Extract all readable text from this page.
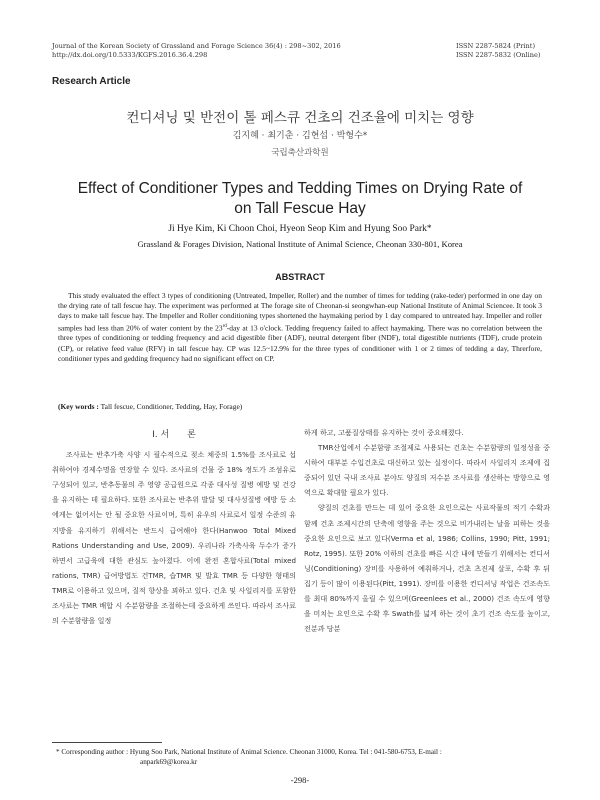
Journal of the Korean Society of Grassland and Forage Science 36(4) : 298~302, 2016
http://dx.doi.org/10.5333/KGFS.2016.36.4.298
ISSN 2287-5824 (Print)
ISSN 2287-5832 (Online)
Research Article
컨디셔닝 및 반전이 톨 페스큐 건초의 건조율에 미치는 영향
김지혜 · 최기춘 · 김현섭 · 박형수*
국립축산과학원
Effect of Conditioner Types and Tedding Times on Drying Rate of
on Tall Fescue Hay
Ji Hye Kim, Ki Choon Choi, Hyeon Seop Kim and Hyung Soo Park*
Grassland & Forages Division, National Institute of Animal Science, Cheonan 330-801, Korea
ABSTRACT

This study evaluated the effect 3 types of conditioning (Untreated, Impeller, Roller) and the number of times for tedding (rake-teder) performed in one day on the drying rate of tall fescue hay. The experiment was performed at The forage site of Cheonan-si seongwhan-eup National Institute of Animal Sciencee. It took 3 days to make tall fescue hay. The Impeller and Roller conditioning types shortened the haymaking period by 1 day compared to untreated hay. Impeller and roller samples had less than 20% of water content by the 23rd-day at 13 o'clock. Tedding frequency failed to affect haymaking. There was no correlation between the three types of conditioning or tedding frequency and acid digestible fiber (ADF), neutral detergent fiber (NDF), total digestible nutrients (TDF), crude protein (CP), or relative feed value (RFV) in tall fescue hay. CP was 12.5~12.9% for the three types of conditioner with 1 or 2 times of tedding a day, Threrfore, conditioner types and gedding frequency had no significant effect on CP.

(Key words : Tall fescue, Conditioner, Tedding, Hay, Forage)
Ⅰ. 서　　론

조사료는 반추가축 사양 시 필수적으로 젖소 체중의 1.5%를 조사료로 섭취하여야 경제수명을 연장할 수 있다. 조사료의 건물 중 18% 정도가 조섬유로 구성되어 있고, 반추동물의 주 영양 공급원으로 각종 대사성 질병 예방 및 건강을 유지하는 데 필요하다. 또한 조사료는 반추위 발달 및 대사성질병 예방 등 소에게는 없어서는 안 될 중요한 사료이며, 특히 유우의 사료로서 일정 수준의 유지방을 유지하기 위해서는 반드시 급여해야 한다(Hanwoo Total Mixed Rations Understanding and Use, 2009). 우리나라 가축사육 두수가 증가하면서 고급육에 대한 관심도 높아졌다. 이에 완전 혼합사료(Total mixed rations, TMR) 급여방법도 건TMR, 습TMR 및 발효 TMR 등 다양한 형태의 TMR로 이용하고 있으며, 질적 향상을 꾀하고 있다. 건초 및 사일리지를 포함한 조사료는 TMR 배합 시 수분함량을 조절하는데 중요하게 쓰인다. 따라서 조사료의 수분함량을 일정

하게 하고, 고품질상태를 유지하는 것이 중요해졌다.

TMR산업에서 수분함량 조절제로 사용되는 건초는 수분함량의 일정성을 중시하여 대부분 수입건초로 대신하고 있는 실정이다. 따라서 사일리지 조제에 집중되어 있던 국내 조사료 분야도 양질의 저수분 조사료를 생산하는 방향으로 영역으로 확대할 필요가 있다.

양질의 건초를 만드는 데 있어 중요한 요인으로는 사료작물의 적기 수확과 함께 건초 조제시간의 단축에 영향을 주는 것으로 비가내리는 날을 피하는 것을 중요한 요인으로 보고 있다(Verma et al, 1986; Collins, 1990; Pitt, 1991; Rotz, 1995). 또한 20% 이하의 건초를 빠른 시간 내에 만들기 위해서는 컨디셔닝(Conditioning) 장비를 사용하여 예취하거나, 건초 츠진제 살포, 수확 후 뒤집기 등이 많이 이용된다(Pitt, 1991). 장비를 이용한 컨디셔닝 작업은 건조속도를 최대 80%까지 올릴 수 있으며(Greenlees et al., 2000) 건조 속도에 영향을 미치는 요인으로 수확 후 Swath를 넓게 하는 것이 초기 건조 속도를 높이고, 전분과 당분

* Corresponding author : Hyung Soo Park, National Institute of Animal Science. Cheonan 31000, Korea. Tel : 041-580-6753, E-mail :
anpark69@korea.kr
-298-
